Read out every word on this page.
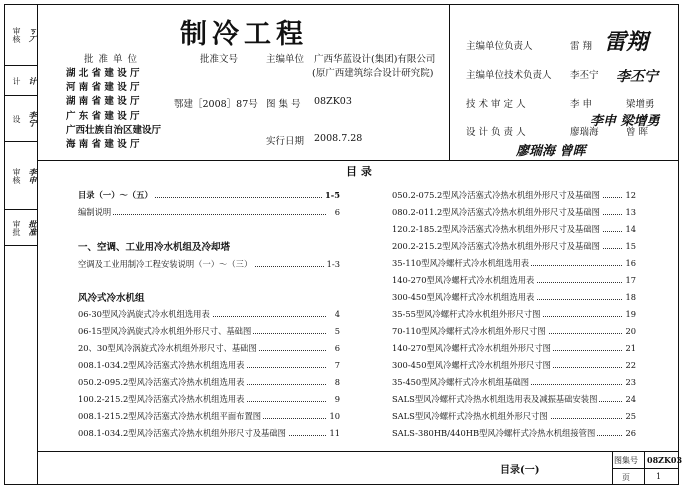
审核 ㄎ丆
计 计
设 李宁
审核 李申
审批 批准
制冷工程
批 准 单 位	批准文号	主编单位 广西华蓝设计(集团)有限公司
(原广西建筑综合设计研究院)
湖 北 省 建 设 厅
河 南 省 建 设 厅
湖 南 省 建 设 厅
广 东 省 建 设 厅
广西壮族自治区建设厅
海 南 省 建 设 厅
鄂建［2008］87号 图 集 号 08ZK03
实行日期 2008.7.28
主编单位负责人	雷 翔 雷翔
主编单位技术负责人 李丕宁 李丕宁
技 术 审 定 人	李 申	梁增勇
李申 梁增勇
设 计 负 责 人	廖瑞海	曾 晖
廖瑞海 曾晖
目 录
目录（一）～（五）	1-5
编制说明	6
一、空调、工业用冷水机组及冷却塔
空调及工业用制冷工程安装说明（一）～（三）	1-3
风冷式冷水机组
06-30型风冷涡旋式冷水机组选用表	4
06-15型风冷涡旋式冷水机组外形尺寸、基础图	5
20、30型风冷涡旋式冷水机组外形尺寸、基础图	6
008.1-034.2型风冷活塞式冷热水机组选用表	7
050.2-095.2型风冷活塞式冷热水机组选用表	8
100.2-215.2型风冷活塞式冷热水机组选用表	9
008.1-215.2型风冷活塞式冷热水机组平面布置图	10
008.1-034.2型风冷活塞式冷热水机组外形尺寸及基础图	11
050.2-075.2型风冷活塞式冷热水机组外形尺寸及基础图	12
080.2-011.2型风冷活塞式冷热水机组外形尺寸及基础图	13
120.2-185.2型风冷活塞式冷热水机组外形尺寸及基础图	14
200.2-215.2型风冷活塞式冷热水机组外形尺寸及基础图	15
35-110型风冷螺杆式冷水机组选用表	16
140-270型风冷螺杆式冷水机组选用表	17
300-450型风冷螺杆式冷水机组选用表	18
35-55型风冷螺杆式冷水机组外形尺寸图	19
70-110型风冷螺杆式冷水机组外形尺寸图	20
140-270型风冷螺杆式冷水机组外形尺寸图	21
300-450型风冷螺杆式冷水机组外形尺寸图	22
35-450型风冷螺杆式冷水机组基础图	23
SALS型风冷螺杆式冷热水机组选用表及减振基础安装图	24
SALS型风冷螺杆式冷热水机组外形尺寸图	25
SALS-380HB/440HB型风冷螺杆式冷热水机组接管图	26
目录(一)
图集号 08ZK03
页	1
